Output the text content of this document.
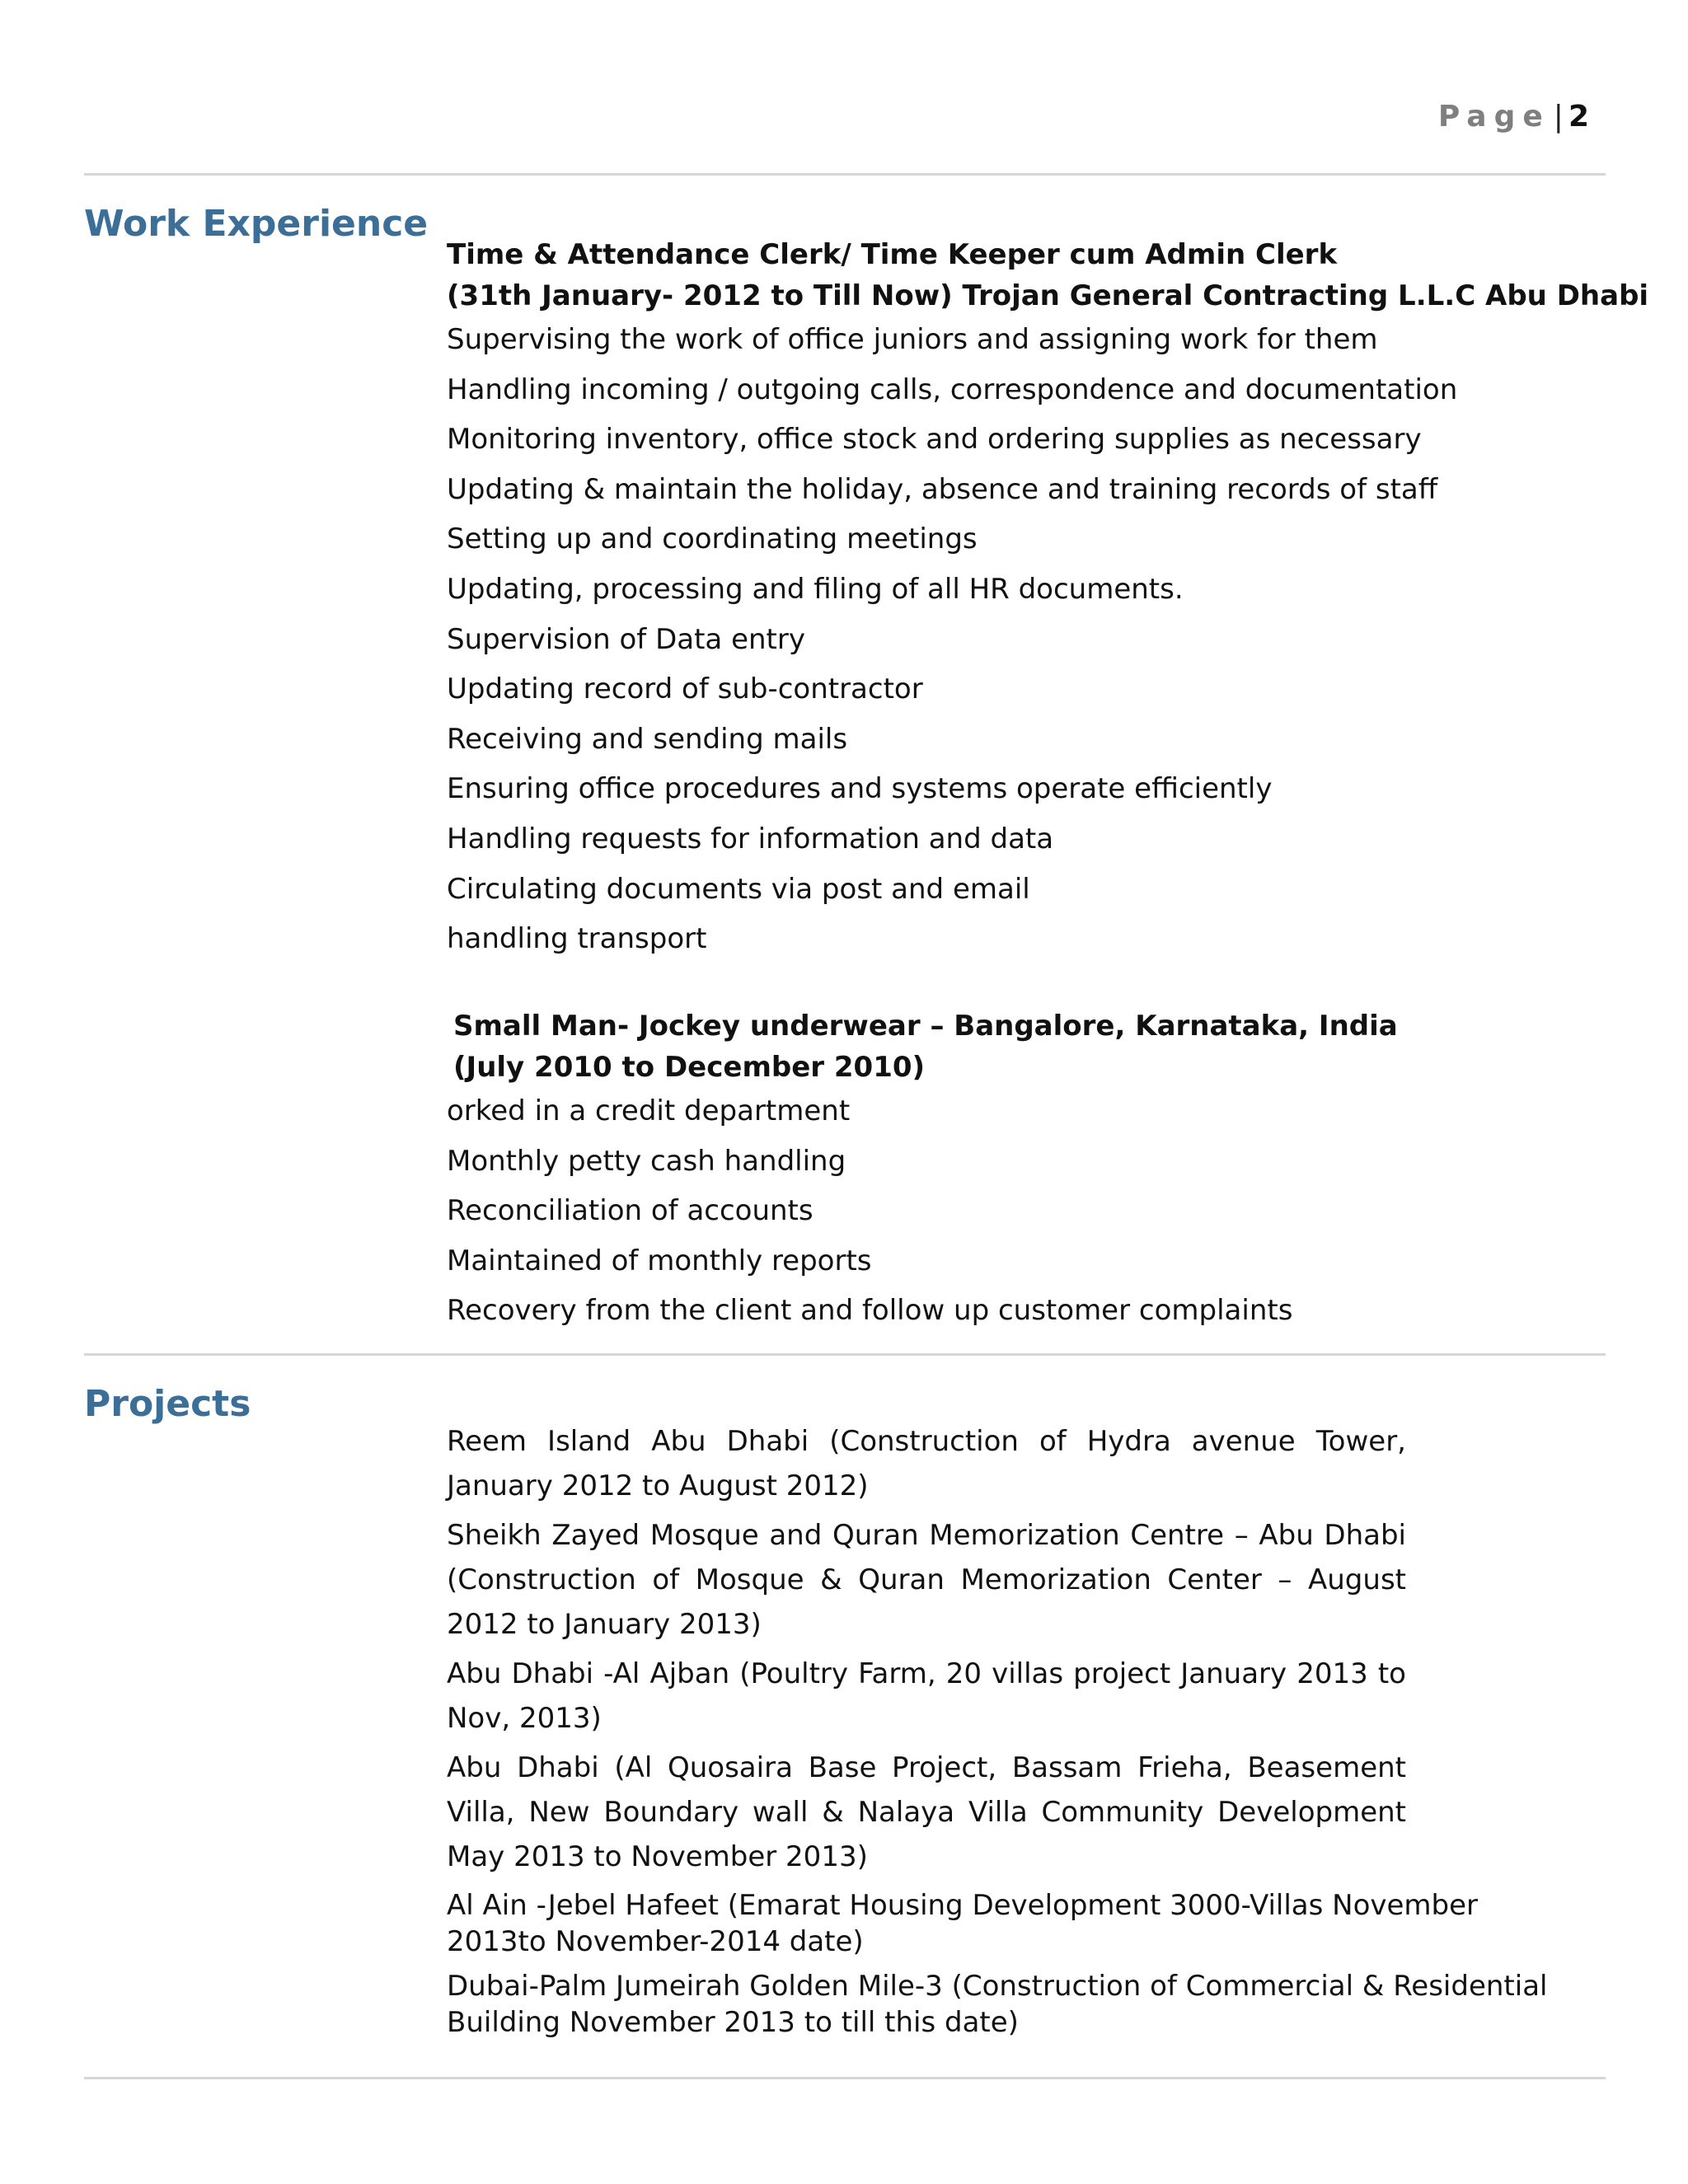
Page | 2
Work Experience

Time & Attendance Clerk/ Time Keeper cum Admin Clerk

(31th January- 2012 to Till Now) Trojan General Contracting L.L.C Abu Dhabi

Supervising the work of office juniors and assigning work for them

Handling incoming / outgoing calls, correspondence and documentation

Monitoring inventory, office stock and ordering supplies as necessary

Updating & maintain the holiday, absence and training records of staff

Setting up and coordinating meetings

Updating, processing and filing of all HR documents.

Supervision of Data entry

Updating record of sub-contractor

Receiving and sending mails

Ensuring office procedures and systems operate efficiently

Handling requests for information and data

Circulating documents via post and email

handling transport

Small Man- Jockey underwear – Bangalore, Karnataka, India

(July 2010 to December 2010)

orked in a credit department

Monthly petty cash handling

Reconciliation of accounts

Maintained of monthly reports

Recovery from the client and follow up customer complaints

Projects

Reem Island Abu Dhabi (Construction of Hydra avenue Tower, January 2012 to August 2012)

Sheikh Zayed Mosque and Quran Memorization Centre – Abu Dhabi (Construction of Mosque & Quran Memorization Center – August 2012 to January 2013)

Abu Dhabi -Al Ajban (Poultry Farm, 20 villas project January 2013 to Nov, 2013)

Abu Dhabi (Al Quosaira Base Project, Bassam Frieha, Beasement Villa, New Boundary wall & Nalaya Villa Community Development May 2013 to November 2013)

Al Ain -Jebel Hafeet (Emarat Housing Development 3000-Villas November 2013to November-2014 date)

Dubai-Palm Jumeirah Golden Mile-3 (Construction of Commercial & Residential Building November 2013 to till this date)
